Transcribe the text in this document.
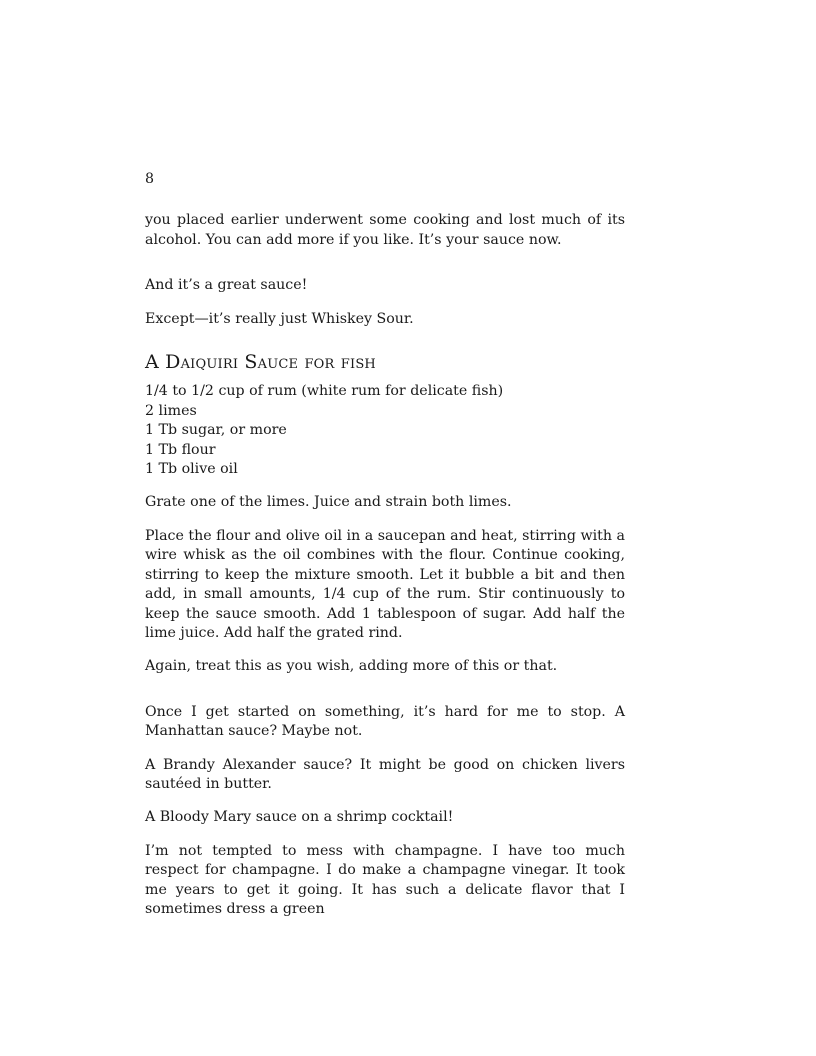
8

you placed earlier underwent some cooking and lost much of its alcohol. You can add more if you like. It’s your sauce now.

And it’s a great sauce!

Except—it’s really just Whiskey Sour.

A Daiquiri Sauce for fish
1/4 to 1/2 cup of rum (white rum for delicate fish)
2 limes
1 Tb sugar, or more
1 Tb flour
1 Tb olive oil

Grate one of the limes. Juice and strain both limes.

Place the flour and olive oil in a saucepan and heat, stirring with a wire whisk as the oil combines with the flour. Continue cooking, stirring to keep the mixture smooth. Let it bubble a bit and then add, in small amounts, 1/4 cup of the rum. Stir continuously to keep the sauce smooth. Add 1 tablespoon of sugar. Add half the lime juice. Add half the grated rind.

Again, treat this as you wish, adding more of this or that.

Once I get started on something, it’s hard for me to stop. A Manhattan sauce? Maybe not.

A Brandy Alexander sauce? It might be good on chicken livers sautéed in butter.

A Bloody Mary sauce on a shrimp cocktail!

I’m not tempted to mess with champagne. I have too much respect for champagne. I do make a champagne vinegar. It took me years to get it going. It has such a delicate flavor that I sometimes dress a green
